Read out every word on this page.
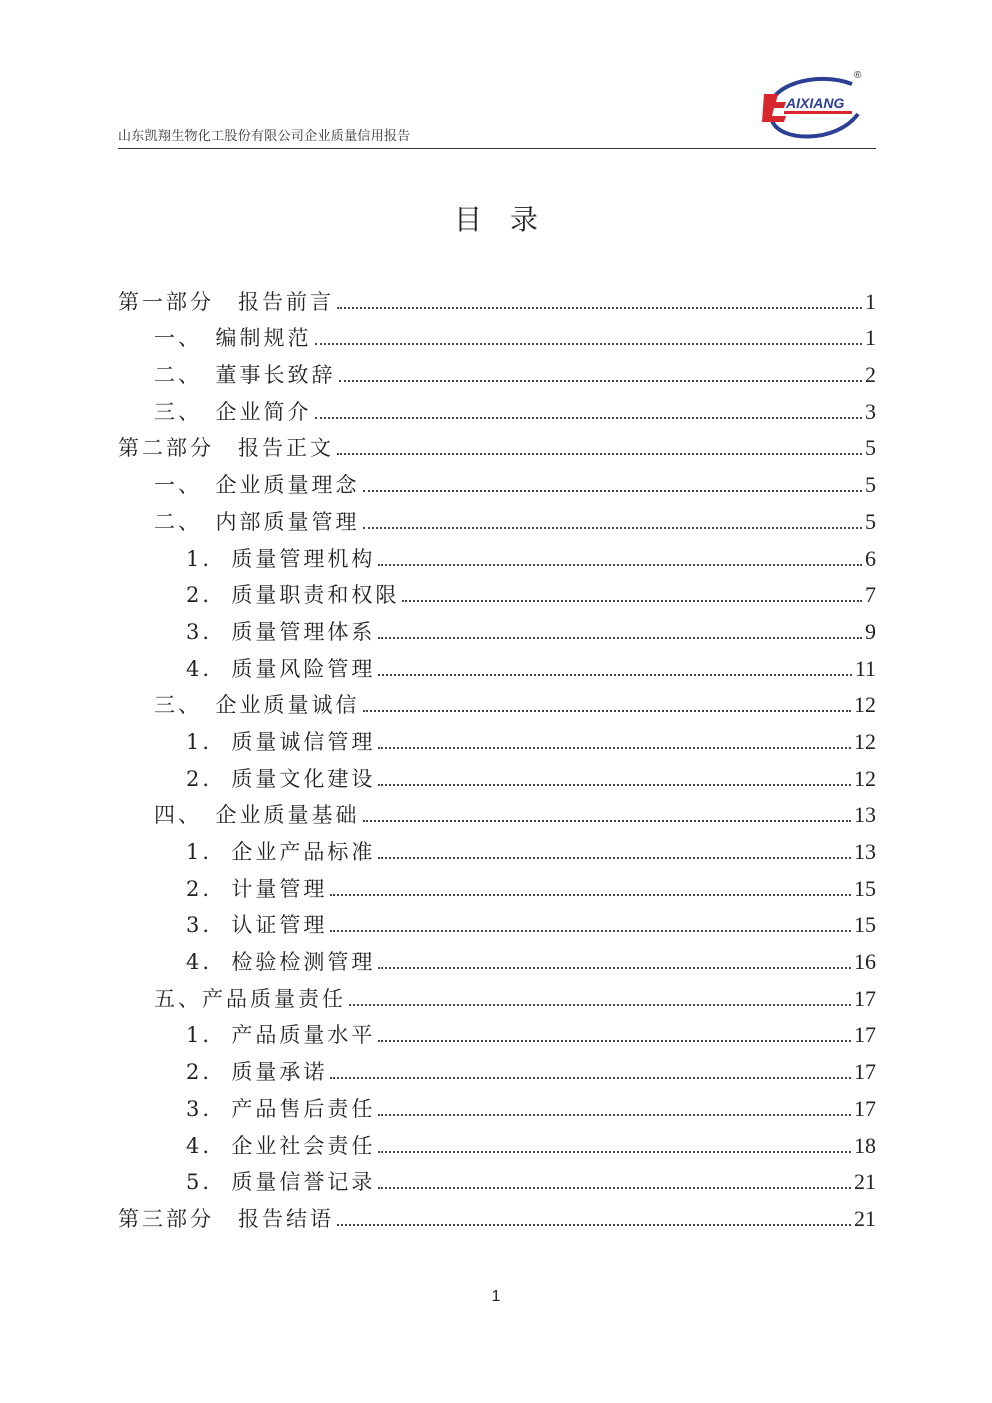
山东凯翔生物化工股份有限公司企业质量信用报告
AIXIANG
®
目录
第一部分　报告前言	1
一、　编制规范	1
二、　董事长致辞	2
三、　企业简介	3
第二部分　报告正文	5
一、　企业质量理念	5
二、　内部质量管理	5
1.  质量管理机构	6
2.  质量职责和权限	7
3.  质量管理体系	9
4.  质量风险管理	11
三、　企业质量诚信	12
1.  质量诚信管理	12
2.  质量文化建设	12
四、　企业质量基础	13
1.  企业产品标准	13
2.  计量管理	15
3.  认证管理	15
4.  检验检测管理	16
五、产品质量责任	17
1.  产品质量水平	17
2.  质量承诺	17
3.  产品售后责任	17
4.  企业社会责任	18
5.  质量信誉记录	21
第三部分　报告结语	21
1
